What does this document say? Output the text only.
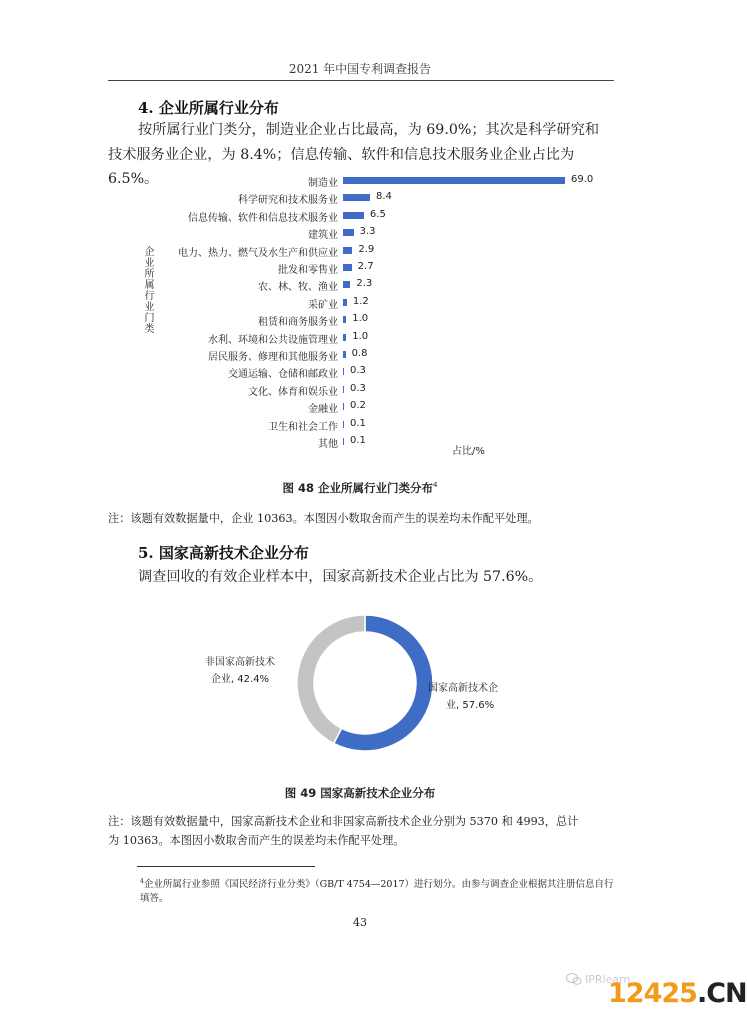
2021 年中国专利调查报告
4. 企业所属行业分布
按所属行业门类分，制造业企业占比最高，为 69.0%；其次是科学研究和
技术服务业企业，为 8.4%；信息传输、软件和信息技术服务业企业占比为 6.5%。
企业所属行业门类
制造业	69.0
科学研究和技术服务业	8.4
信息传输、软件和信息技术服务业	6.5
建筑业 3.3
电力、热力、燃气及水生产和供应业 2.9
批发和零售业 2.7
农、林、牧、渔业 2.3
采矿业 1.2
租赁和商务服务业 1.0
水利、环境和公共设施管理业 1.0
居民服务、修理和其他服务业 0.8
交通运输、仓储和邮政业 0.3
文化、体育和娱乐业 0.3
金融业 0.2
卫生和社会工作 0.1
其他 0.1
占比/%
图 48 企业所属行业门类分布$^4$
注：该题有效数据量中，企业 10363。本图因小数取舍而产生的误差均未作配平处理。
5. 国家高新技术企业分布
调查回收的有效企业样本中，国家高新技术企业占比为 57.6%。
非国家高新技术
企业, 42.4%
国家高新技术企
业, 57.6%
图 49 国家高新技术企业分布
注：该题有效数据量中，国家高新技术企业和非国家高新技术企业分别为 5370 和 4993，总计
为 10363。本图因小数取舍而产生的误差均未作配平处理。
$^4$企业所属行业参照《国民经济行业分类》（GB/T 4754—2017）进行划分。由参与调查企业根据其注册信息自行填答。
43
IPRlearn
12425.CN
